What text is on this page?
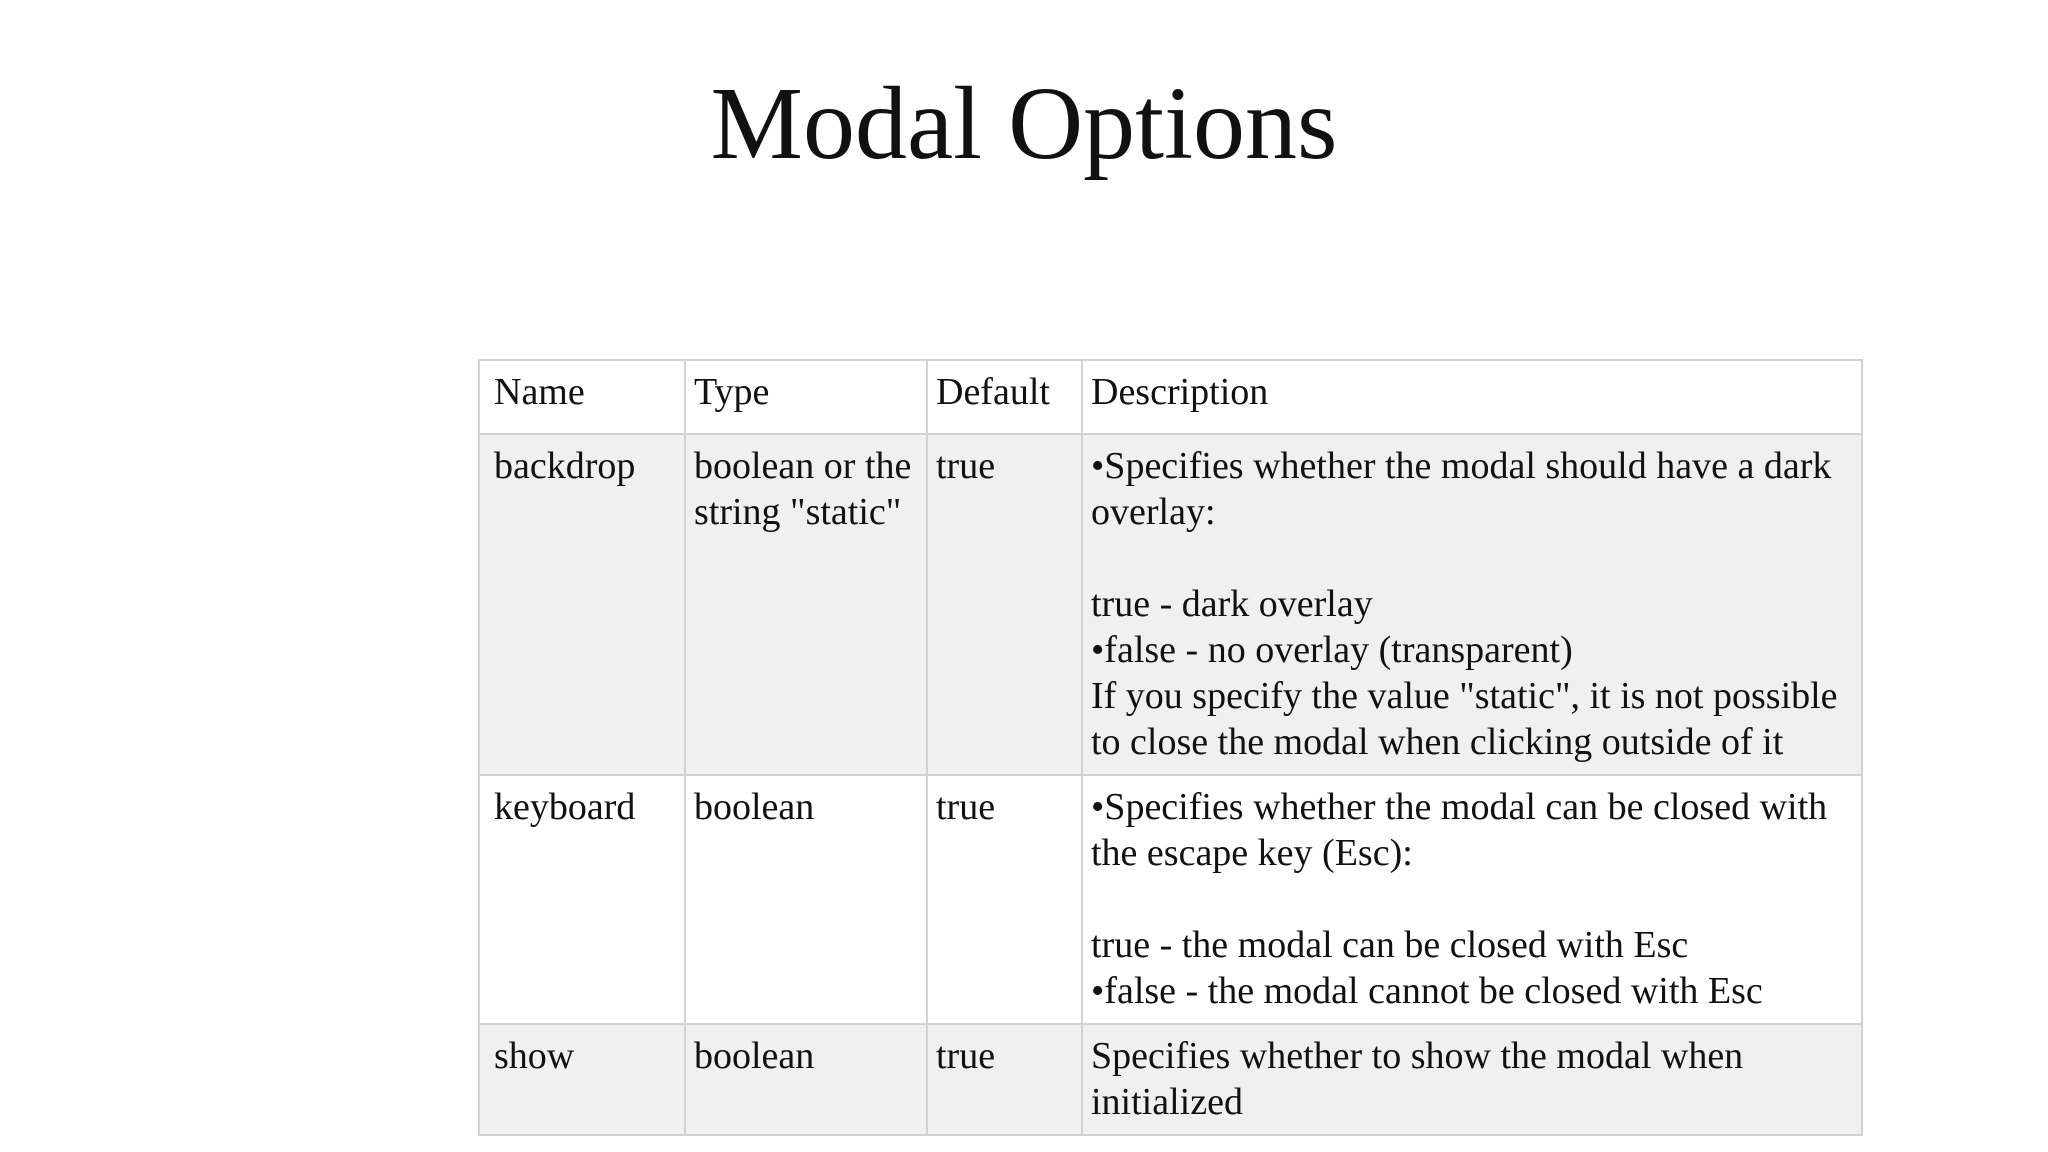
Modal Options
Name	Type	Default	Description
backdrop	boolean or the string "static"	true	•Specifies whether the modal should have a dark overlay:
true - dark overlay
•false - no overlay (transparent)
If you specify the value "static", it is not possible to close the modal when clicking outside of it

keyboard	boolean	true	•Specifies whether the modal can be closed with the escape key (Esc):
true - the modal can be closed with Esc
•false - the modal cannot be closed with Esc

show	boolean	true	Specifies whether to show the modal when initialized
